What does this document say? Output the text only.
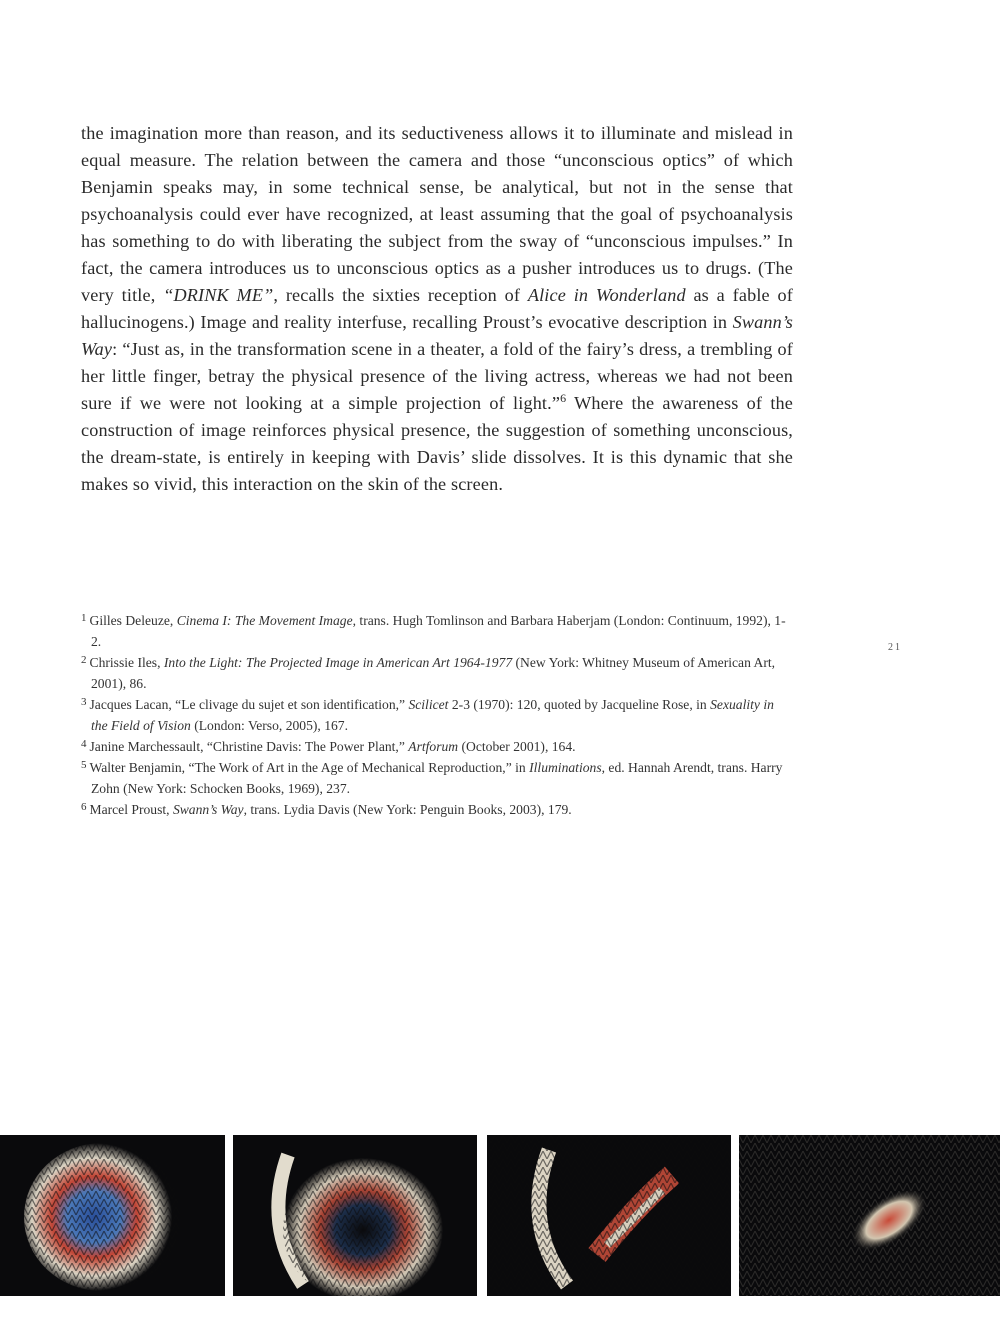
the imagination more than reason, and its seductiveness allows it to illuminate and mislead in equal measure. The relation between the camera and those “unconscious optics” of which Benjamin speaks may, in some technical sense, be analytical, but not in the sense that psychoanalysis could ever have recognized, at least assuming that the goal of psychoanalysis has something to do with liberating the subject from the sway of “unconscious impulses.” In fact, the camera introduces us to unconscious optics as a pusher introduces us to drugs. (The very title, “DRINK ME”, recalls the sixties reception of Alice in Wonderland as a fable of hallucinogens.) Image and reality interfuse, recalling Proust’s evocative description in Swann’s Way: “Just as, in the transformation scene in a theater, a fold of the fairy’s dress, a trembling of her little finger, betray the physical presence of the living actress, whereas we had not been sure if we were not looking at a simple projection of light.”$^6$ Where the awareness of the construction of image reinforces physical presence, the suggestion of something unconscious, the dream-state, is entirely in keeping with Davis’ slide dissolves. It is this dynamic that she makes so vivid, this interaction on the skin of the screen.

$^1$ Gilles Deleuze, Cinema I: The Movement Image, trans. Hugh Tomlinson and Barbara Haberjam (London: Continuum, 1992), 1-2.
$^2$ Chrissie Iles, Into the Light: The Projected Image in American Art 1964-1977 (New York: Whitney Museum of American Art, 2001), 86.
$^3$ Jacques Lacan, “Le clivage du sujet et son identification,” Scilicet 2-3 (1970): 120, quoted by Jacqueline Rose, in Sexuality in the Field of Vision (London: Verso, 2005), 167.
$^4$ Janine Marchessault, “Christine Davis: The Power Plant,” Artforum (October 2001), 164.
$^5$ Walter Benjamin, “The Work of Art in the Age of Mechanical Reproduction,” in Illuminations, ed. Hannah Arendt, trans. Harry Zohn (New York: Schocken Books, 1969), 237.
$^6$ Marcel Proust, Swann’s Way, trans. Lydia Davis (New York: Penguin Books, 2003), 179.
21
